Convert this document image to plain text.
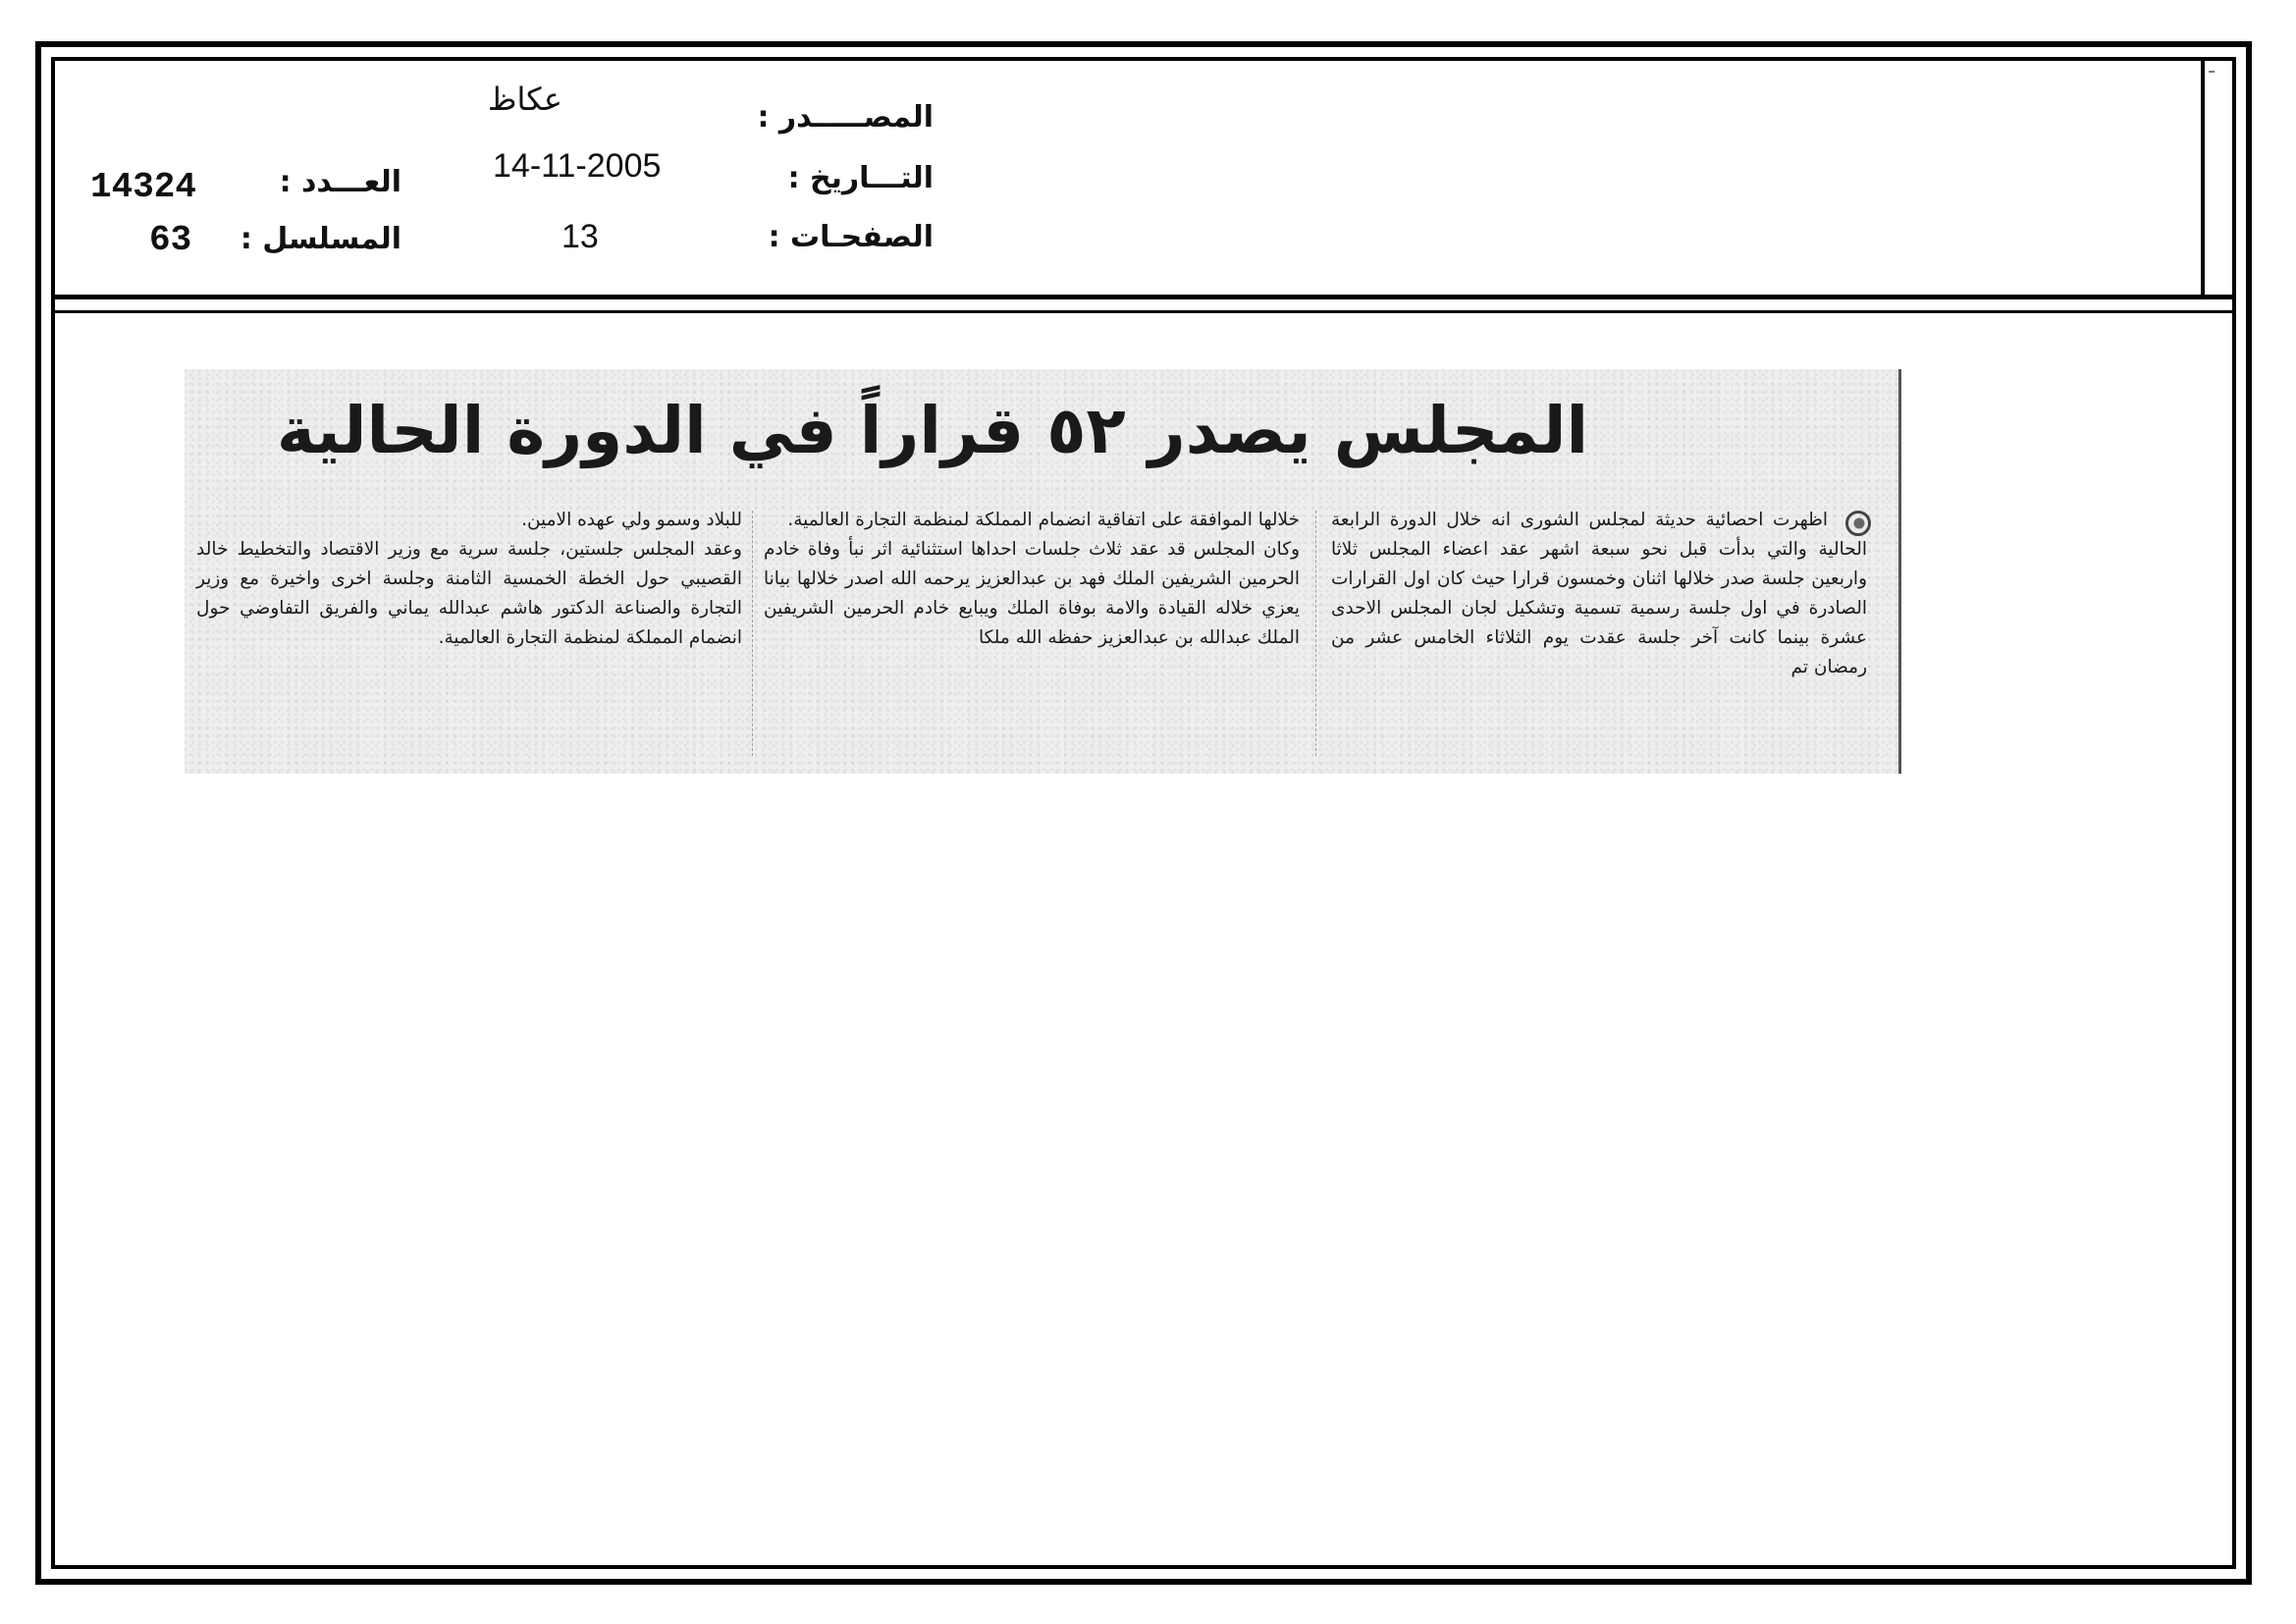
المصـــــدر :
عكاظ
التـــاريخ :
14-11-2005
الصفحـات :
13
العـــدد :
14324
المسلسل :
63
المجلس يصدر ٥٢ قراراً في الدورة الحالية

اظهرت احصائية حديثة لمجلس الشورى انه خلال الدورة الرابعة الحالية والتي بدأت قبل نحو سبعة اشهر عقد اعضاء المجلس ثلاثا واربعين جلسة صدر خلالها اثنان وخمسون قرارا حيث كان اول القرارات الصادرة في اول جلسة رسمية تسمية وتشكيل لجان المجلس الاحدى عشرة بينما كانت آخر جلسة عقدت يوم الثلاثاء الخامس عشر من رمضان تم

خلالها الموافقة على اتفاقية انضمام المملكة لمنظمة التجارة العالمية.

وكان المجلس قد عقد ثلاث جلسات احداها استثنائية اثر نبأ وفاة خادم الحرمين الشريفين الملك فهد بن عبدالعزيز يرحمه الله اصدر خلالها بيانا يعزي خلاله القيادة والامة بوفاة الملك ويبايع خادم الحرمين الشريفين الملك عبدالله بن عبدالعزيز حفظه الله ملكا

للبلاد وسمو ولي عهده الامين.

وعقد المجلس جلستين، جلسة سرية مع وزير الاقتصاد والتخطيط خالد القصيبي حول الخطة الخمسية الثامنة وجلسة اخرى واخيرة مع وزير التجارة والصناعة الدكتور هاشم عبدالله يماني والفريق التفاوضي حول انضمام المملكة لمنظمة التجارة العالمية.
